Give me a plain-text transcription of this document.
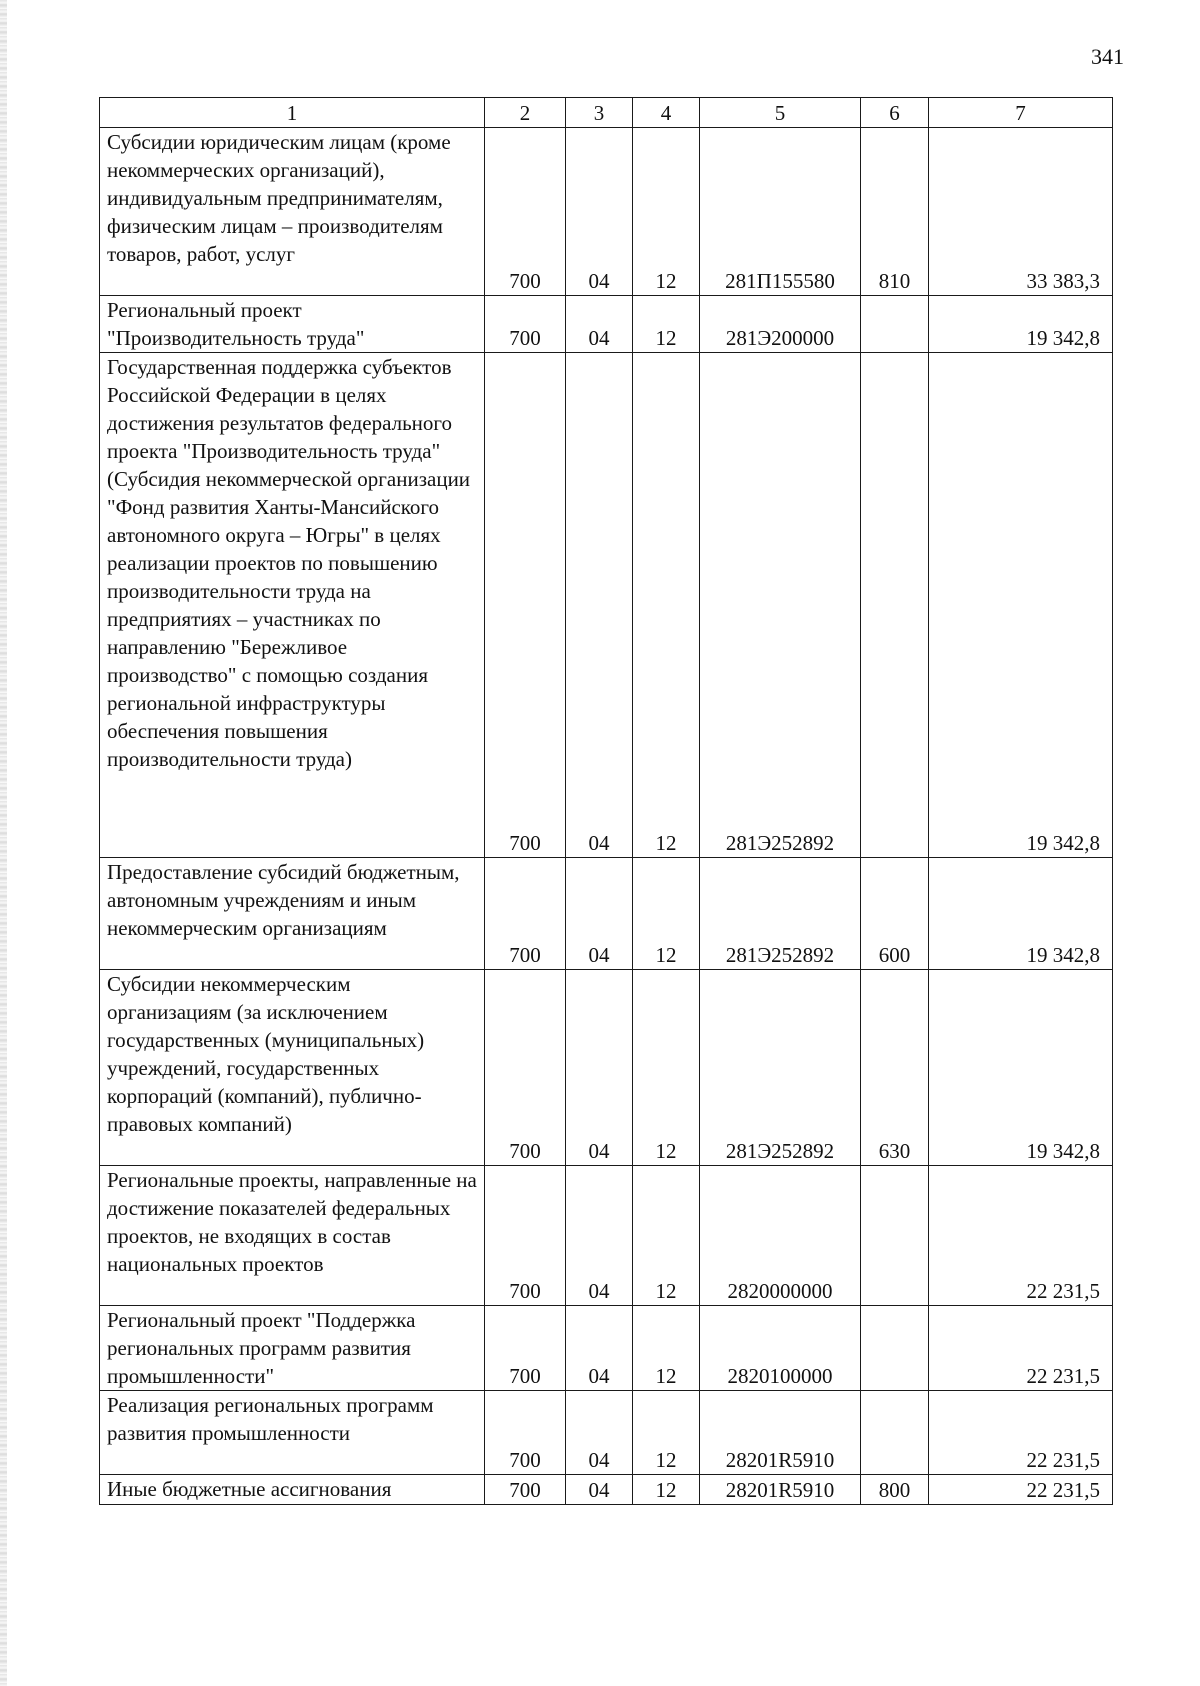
341
1	2	3	4	5	6	7
Субсидии юридическим лицам (кроме некоммерческих организаций), индивидуальным предпринимателям, физическим лицам – производителям товаров, работ, услуг	700	04	12	281П155580	810	33 383,3
Региональный проект "Производительность труда"	700	04	12	281Э200000		19 342,8
Государственная поддержка субъектов Российской Федерации в целях достижения результатов федерального проекта "Производительность труда" (Субсидия некоммерческой организации "Фонд развития Ханты-Мансийского автономного округа – Югры" в целях реализации проектов по повышению производительности труда на предприятиях – участниках по направлению "Бережливое производство" с помощью создания региональной инфраструктуры обеспечения повышения производительности труда)	700	04	12	281Э252892		19 342,8
Предоставление субсидий бюджетным, автономным учреждениям и иным некоммерческим организациям	700	04	12	281Э252892	600	19 342,8
Субсидии некоммерческим организациям (за исключением государственных (муниципальных) учреждений, государственных корпораций (компаний), публично-правовых компаний)	700	04	12	281Э252892	630	19 342,8
Региональные проекты, направленные на достижение показателей федеральных проектов, не входящих в состав национальных проектов	700	04	12	2820000000		22 231,5
Региональный проект "Поддержка региональных программ развития промышленности"	700	04	12	2820100000		22 231,5
Реализация региональных программ развития промышленности	700	04	12	28201R5910		22 231,5
Иные бюджетные ассигнования	700	04	12	28201R5910	800	22 231,5
